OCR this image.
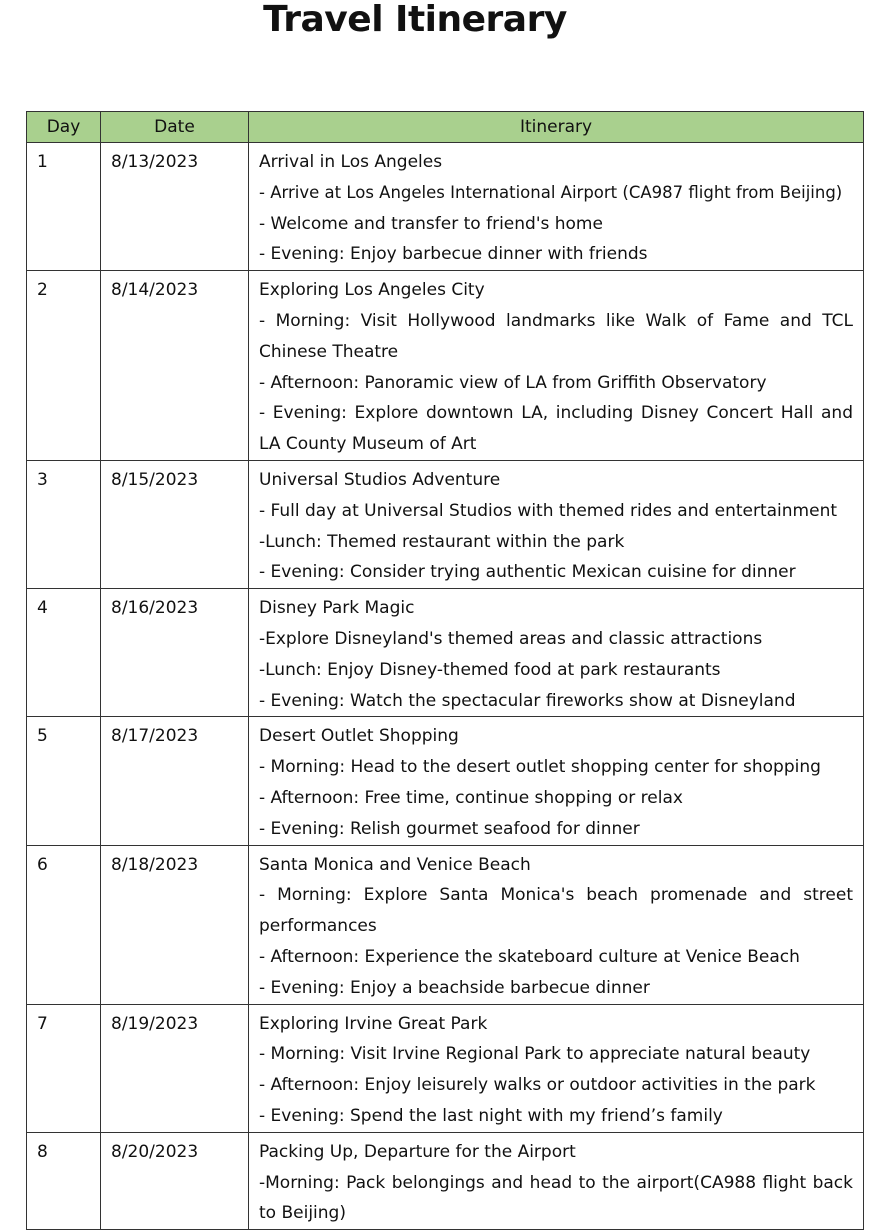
Travel Itinerary
Day	Date	Itinerary

1	8/13/2023	Arrival in Los Angeles
- Arrive at Los Angeles International Airport (CA987 flight from Beijing)
- Welcome and transfer to friend's home
- Evening: Enjoy barbecue dinner with friends

2	8/14/2023	Exploring Los Angeles City
- Morning: Visit Hollywood landmarks like Walk of Fame and TCL Chinese Theatre
- Afternoon: Panoramic view of LA from Griffith Observatory
- Evening: Explore downtown LA, including Disney Concert Hall and LA County Museum of Art

3	8/15/2023	Universal Studios Adventure
- Full day at Universal Studios with themed rides and entertainment
-Lunch: Themed restaurant within the park
- Evening: Consider trying authentic Mexican cuisine for dinner

4	8/16/2023	Disney Park Magic
-Explore Disneyland's themed areas and classic attractions
-Lunch: Enjoy Disney-themed food at park restaurants
- Evening: Watch the spectacular fireworks show at Disneyland

5	8/17/2023	Desert Outlet Shopping
- Morning: Head to the desert outlet shopping center for shopping
- Afternoon: Free time, continue shopping or relax
- Evening: Relish gourmet seafood for dinner

6	8/18/2023	Santa Monica and Venice Beach
- Morning: Explore Santa Monica's beach promenade and street performances
- Afternoon: Experience the skateboard culture at Venice Beach
- Evening: Enjoy a beachside barbecue dinner

7	8/19/2023	Exploring Irvine Great Park
- Morning: Visit Irvine Regional Park to appreciate natural beauty
- Afternoon: Enjoy leisurely walks or outdoor activities in the park
- Evening: Spend the last night with my friend’s family

8	8/20/2023	Packing Up, Departure for the Airport
-Morning: Pack belongings and head to the airport(CA988 flight back to Beijing)
